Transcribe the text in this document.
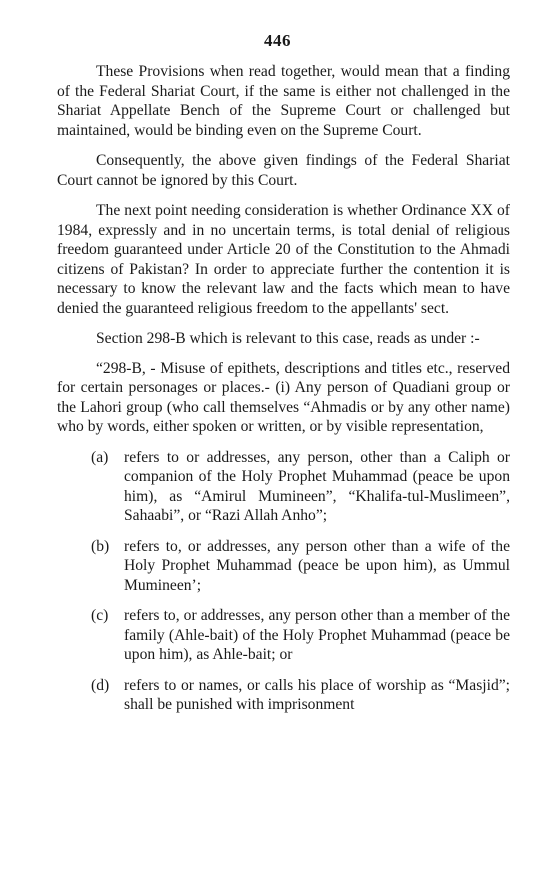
446

These Provisions when read together, would mean that a finding of the Federal Shariat Court, if the same is either not challenged in the Shariat Appellate Bench of the Supreme Court or challenged but maintained, would be binding even on the Supreme Court.

Consequently, the above given findings of the Federal Shariat Court cannot be ignored by this Court.

The next point needing consideration is whether Ordinance XX of 1984, expressly and in no uncertain terms, is total denial of religious freedom guaranteed under Article 20 of the Constitution to the Ahmadi citizens of Pakistan? In order to appreciate further the contention it is necessary to know the relevant law and the facts which mean to have denied the guaranteed religious freedom to the appellants' sect.

Section 298-B which is relevant to this case, reads as under :-

“298-B, - Misuse of epithets, descriptions and titles etc., reserved for certain personages or places.- (i) Any person of Quadiani group or the Lahori group (who call themselves “Ahmadis or by any other name) who by words, either spoken or written, or by visible representation,

(a)	refers to or addresses, any person, other than a Caliph or companion of the Holy Prophet Muhammad (peace be upon him), as “Amirul Mumineen”, “Khalifa-tul-Muslimeen”, Sahaabi”, or “Razi Allah Anho”;
(b) refers to, or addresses, any person other than a wife of the Holy Prophet Muhammad (peace be upon him), as Ummul Mumineen’;
(c)	refers to, or addresses, any person other than a member of the family (Ahle-bait) of the Holy Prophet Muhammad (peace be upon him), as Ahle-bait; or
(d) refers to or names, or calls his place of worship as “Masjid”; shall be punished with imprisonment
